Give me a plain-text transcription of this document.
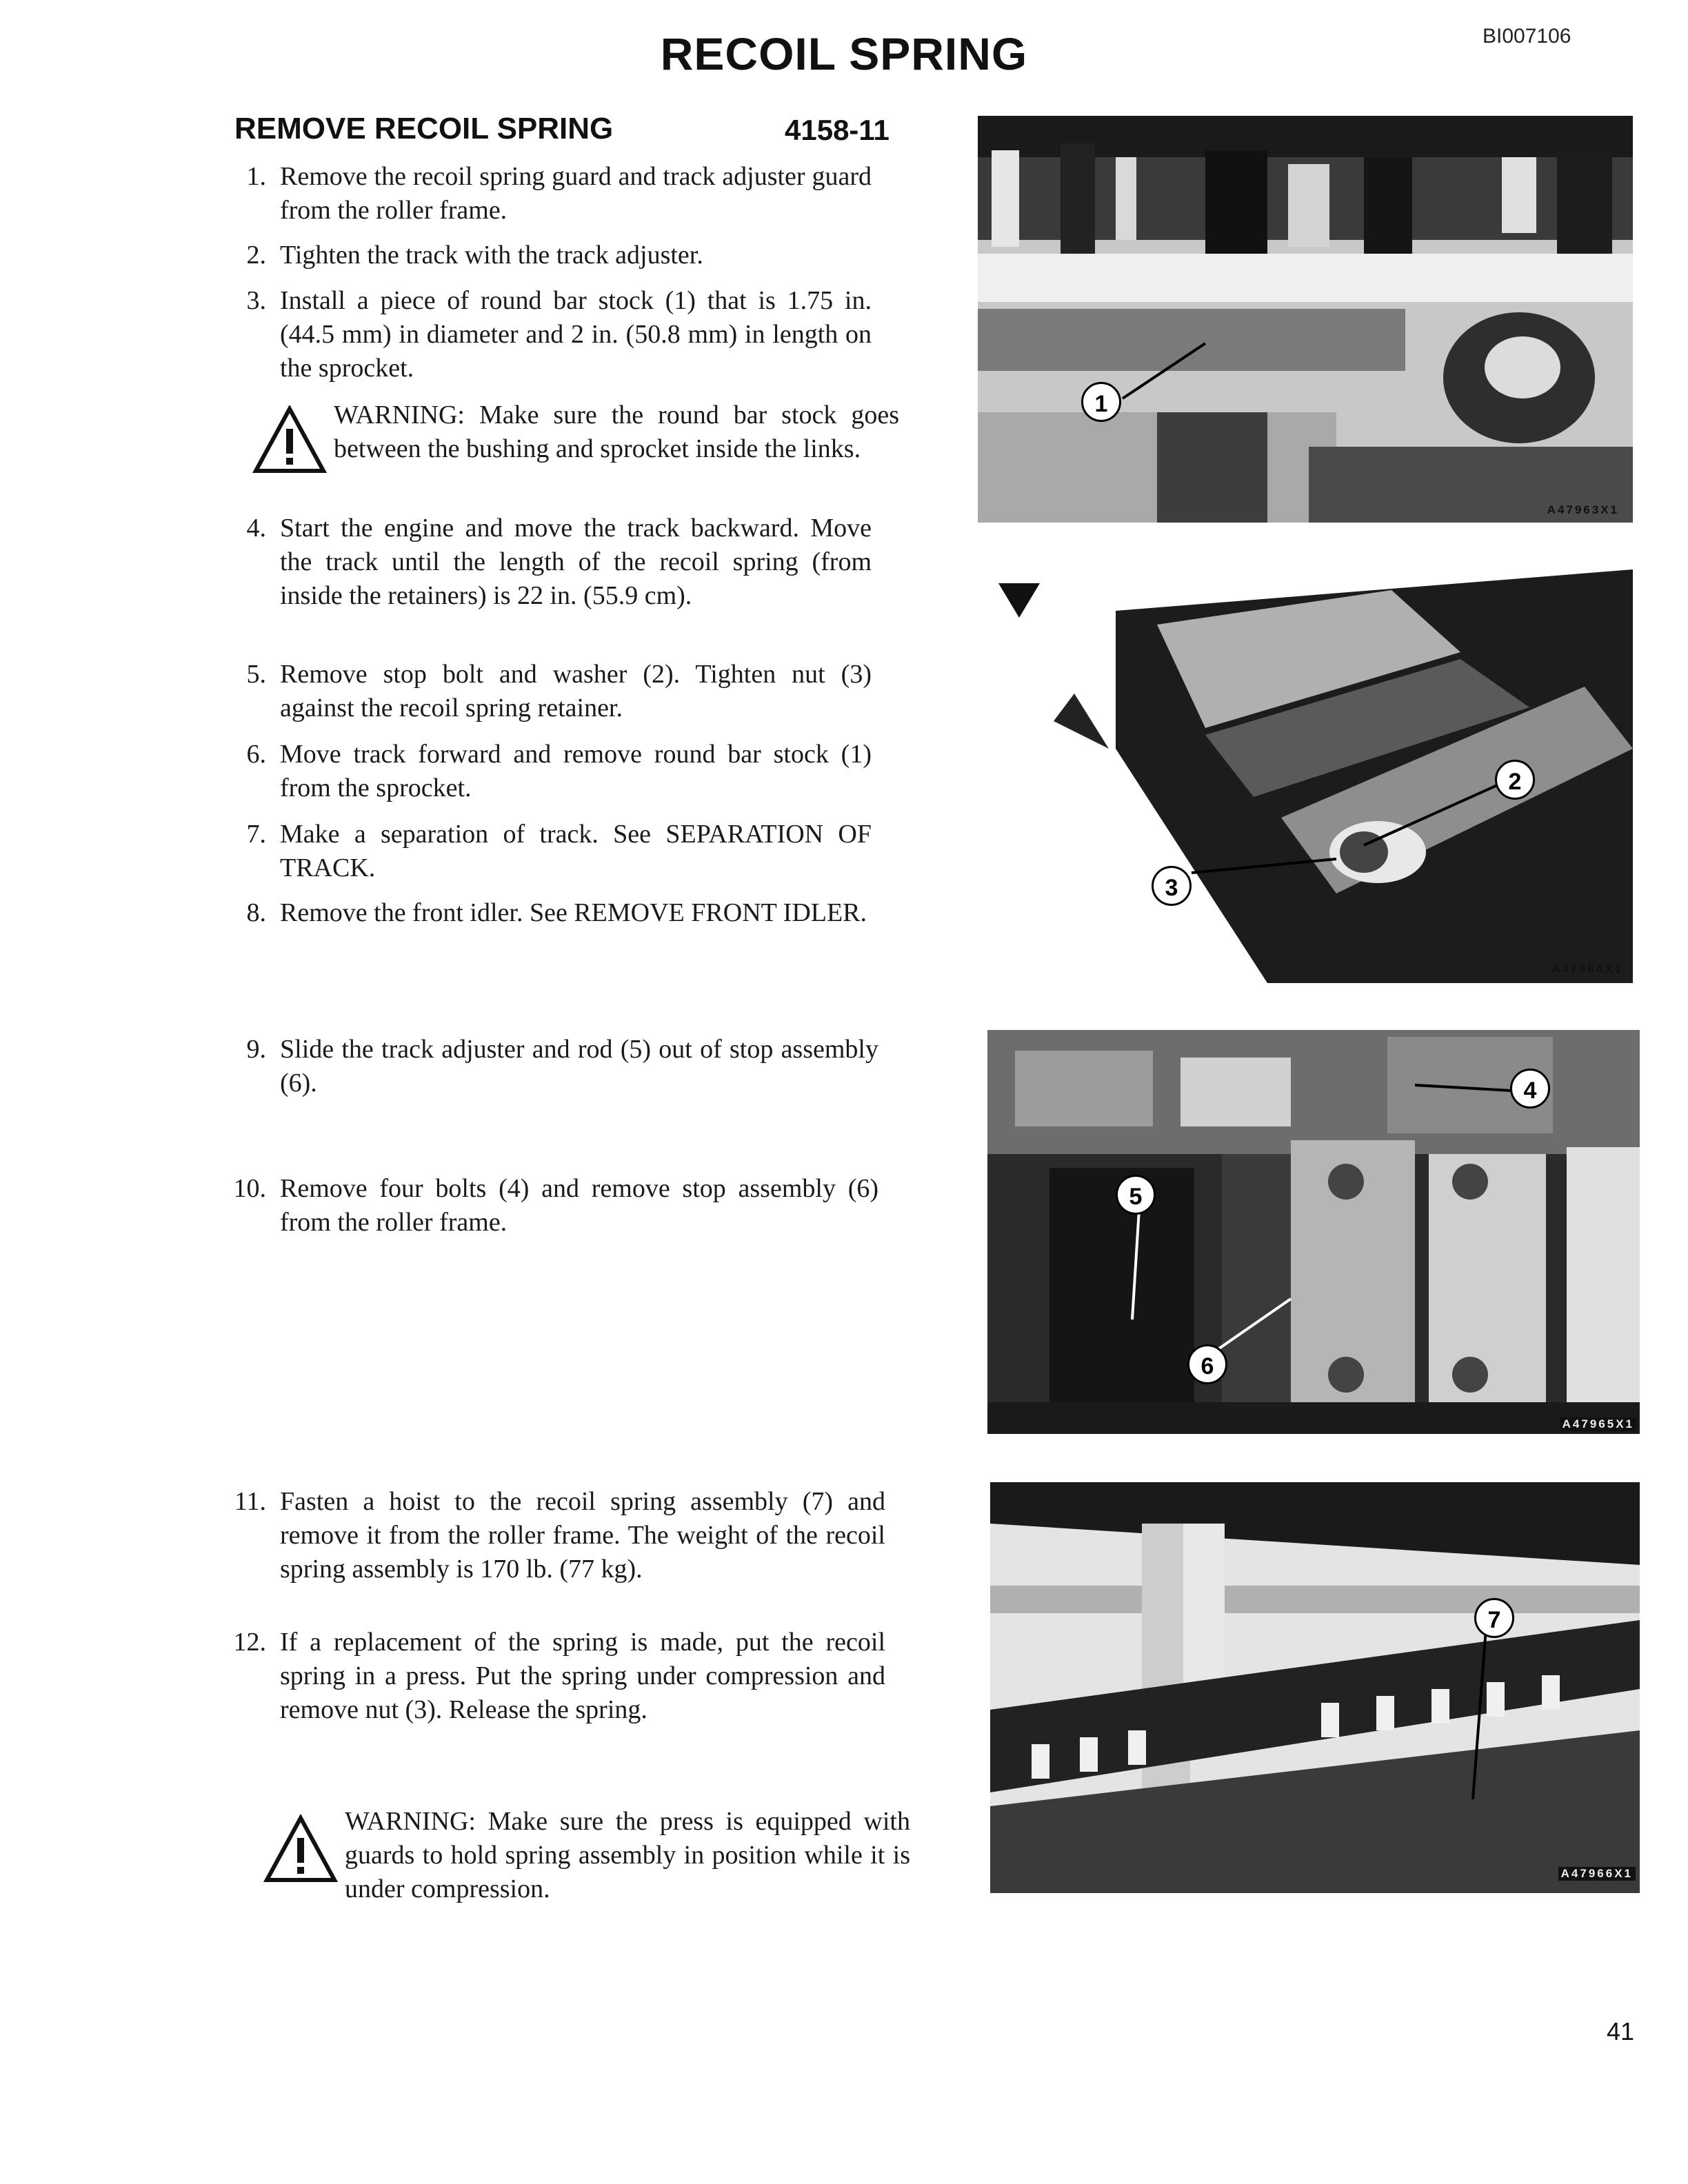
RECOIL SPRING	BI007106
REMOVE RECOIL SPRING	4158-11
1. Remove the recoil spring guard and track adjuster guard from the roller frame.
2. Tighten the track with the track adjuster.
3. Install a piece of round bar stock (1) that is 1.75 in. (44.5 mm) in diameter and 2 in. (50.8 mm) in length on the sprocket.
WARNING: Make sure the round bar stock goes between the bushing and sprocket inside the links.
4. Start the engine and move the track backward. Move the track until the length of the recoil spring (from inside the retainers) is 22 in. (55.9 cm).
5. Remove stop bolt and washer (2). Tighten nut (3) against the recoil spring retainer.
6. Move track forward and remove round bar stock (1) from the sprocket.
7. Make a separation of track. See SEPARATION OF TRACK.
8. Remove the front idler. See REMOVE FRONT IDLER.
9. Slide the track adjuster and rod (5) out of stop assembly (6).
10. Remove four bolts (4) and remove stop assembly (6) from the roller frame.
11. Fasten a hoist to the recoil spring assembly (7) and remove it from the roller frame. The weight of the recoil spring assembly is 170 lb. (77 kg).
12. If a replacement of the spring is made, put the recoil spring in a press. Put the spring under compression and remove nut (3). Release the spring.
WARNING: Make sure the press is equipped with guards to hold spring assembly in position while it is under compression.
1
A47963X1
2
3
A47964X1
4
5
6
A47965X1
7
A47966X1
41
